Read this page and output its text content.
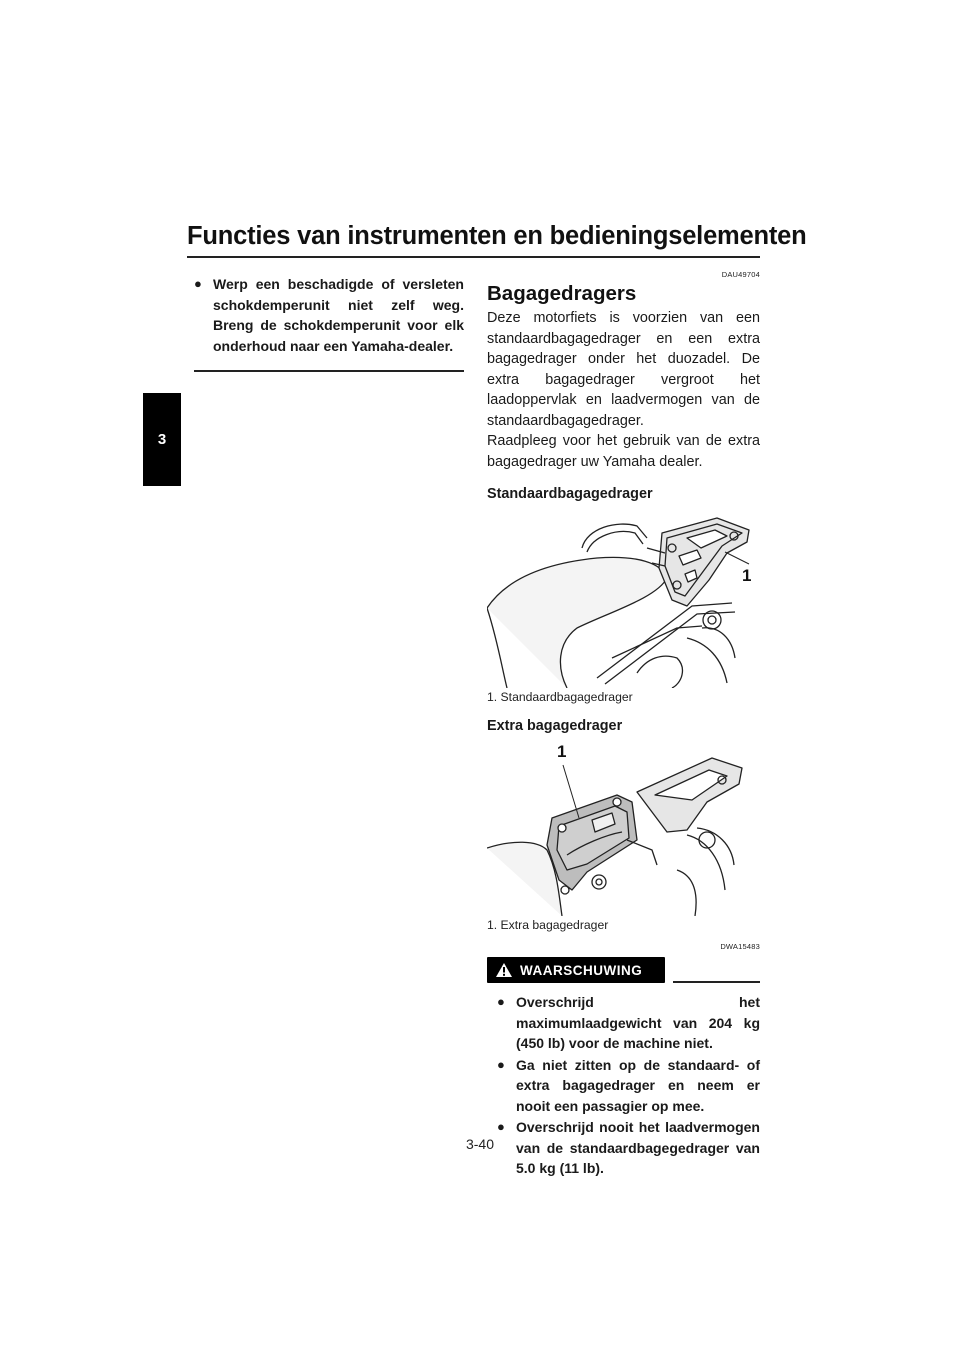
Functies van instrumenten en bedieningselementen
3
● Werp een beschadigde of versleten schokdemperunit niet zelf weg. Breng de schokdemperunit voor elk onderhoud naar een Yamaha-dealer.
DAU49704
Bagagedragers

Deze motorfiets is voorzien van een standaardbagagedrager en een extra bagagedrager onder het duozadel. De extra bagagedrager vergroot het laadoppervlak en laadvermogen van de standaardbagagedrager.

Raadpleeg voor het gebruik van de extra bagagedrager uw Yamaha dealer.

Standaardbagagedrager
1
1. Standaardbagagedrager
Extra bagagedrager
1
1. Extra bagagedrager
DWA15483
WAARSCHUWING
● Overschrijd het maximumlaadgewicht van 204 kg (450 lb) voor de machine niet.
● Ga niet zitten op de standaard- of extra bagagedrager en neem er nooit een passagier op mee.
● Overschrijd nooit het laadvermogen van de standaardbagegedrager van 5.0 kg (11 lb).
3-40
